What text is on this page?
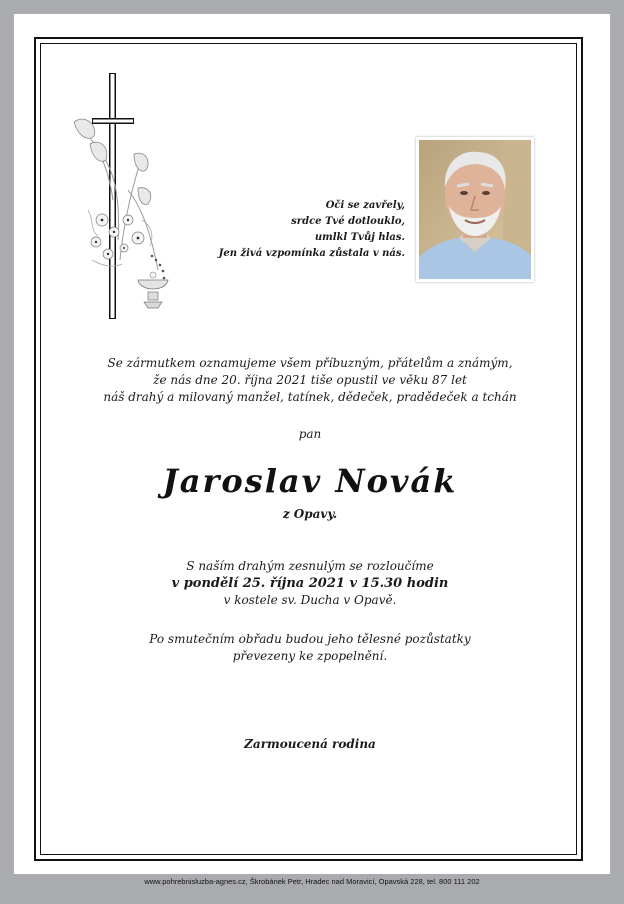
Oči se zavřely,
srdce Tvé dotlouklo,
umlkl Tvůj hlas.
Jen živá vzpomínka zůstala v nás.
Se zármutkem oznamujeme všem příbuzným, přátelům a známým,
že nás dne 20. října 2021 tiše opustil ve věku 87 let
náš drahý a milovaný manžel, tatínek, dědeček, pradědeček a tchán
pan
Jaroslav Novák
z Opavy.
S naším drahým zesnulým se rozloučíme
v pondělí 25. října 2021 v 15.30 hodin
v kostele sv. Ducha v Opavě.
Po smutečním obřadu budou jeho tělesné pozůstatky
převezeny ke zpopelnění.
Zarmoucená rodina
www.pohrebnisluzba-agnes.cz, Škrobánek Petr, Hradec nad Moravicí, Opavská 228, tel. 800 111 202
